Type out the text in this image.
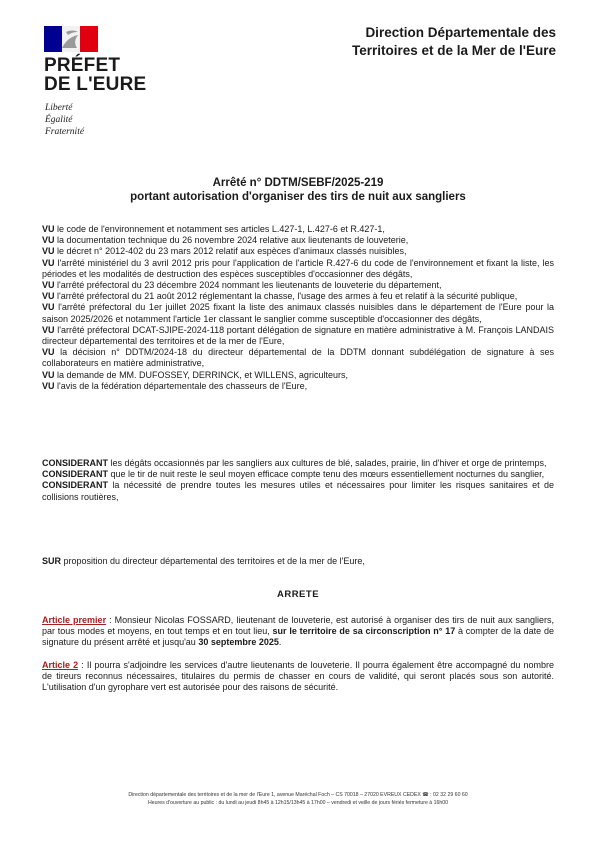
PRÉFET
DE L'EURE
Liberté
Égalité
Fraternité
Direction Départementale des
Territoires et de la Mer de l'Eure
Arrêté n° DDTM/SEBF/2025-219
portant autorisation d'organiser des tirs de nuit aux sangliers

VU le code de l'environnement et notamment ses articles L.427-1, L.427-6 et R.427-1,

VU la documentation technique du 26 novembre 2024 relative aux lieutenants de louveterie,

VU le décret n° 2012-402 du 23 mars 2012 relatif aux espèces d'animaux classés nuisibles,

VU l'arrêté ministériel du 3 avril 2012 pris pour l'application de l'article R.427-6 du code de l'environnement et fixant la liste, les périodes et les modalités de destruction des espèces susceptibles d'occasionner des dégâts,

VU l'arrêté préfectoral du 23 décembre 2024 nommant les lieutenants de louveterie du département,

VU l'arrêté préfectoral du 21 août 2012 réglementant la chasse, l'usage des armes à feu et relatif à la sécurité publique,

VU l'arrêté préfectoral du 1er juillet 2025 fixant la liste des animaux classés nuisibles dans le département de l'Eure pour la saison 2025/2026 et notamment l'article 1er classant le sanglier comme susceptible d'occasionner des dégâts,

VU l'arrêté préfectoral DCAT-SJIPE-2024-118 portant délégation de signature en matière administrative à M. François LANDAIS directeur départemental des territoires et de la mer de l'Eure,

VU la décision n° DDTM/2024-18 du directeur départemental de la DDTM donnant subdélégation de signature à ses collaborateurs en matière administrative,

VU la demande de MM. DUFOSSEY, DERRINCK, et WILLENS, agriculteurs,

VU l'avis de la fédération départementale des chasseurs de l'Eure,

CONSIDERANT les dégâts occasionnés par les sangliers aux cultures de blé, salades, prairie, lin d'hiver et orge de printemps,

CONSIDERANT que le tir de nuit reste le seul moyen efficace compte tenu des mœurs essentiellement nocturnes du sanglier,

CONSIDERANT la nécessité de prendre toutes les mesures utiles et nécessaires pour limiter les risques sanitaires et de collisions routières,

SUR proposition du directeur départemental des territoires et de la mer de l'Eure,

ARRETE

Article premier : Monsieur Nicolas FOSSARD, lieutenant de louveterie, est autorisé à organiser des tirs de nuit aux sangliers, par tous modes et moyens, en tout temps et en tout lieu, sur le territoire de sa circonscription n° 17 à compter de la date de signature du présent arrêté et jusqu'au 30 septembre 2025.

Article 2 : Il pourra s'adjoindre les services d'autre lieutenants de louveterie. Il pourra également être accompagné du nombre de tireurs reconnus nécessaires, titulaires du permis de chasser en cours de validité, qui seront placés sous son autorité. L'utilisation d'un gyrophare vert est autorisée pour des raisons de sécurité.

Direction départementale des territoires et de la mer de l'Eure 1, avenue Maréchal Foch – CS 70018 – 27020 EVREUX CEDEX ☎ : 02 32 29 60 60
Heures d'ouverture au public : du lundi au jeudi 8h45 à 12h15/13h45 à 17h00 – vendredi et veille de jours fériés fermeture à 16h00
